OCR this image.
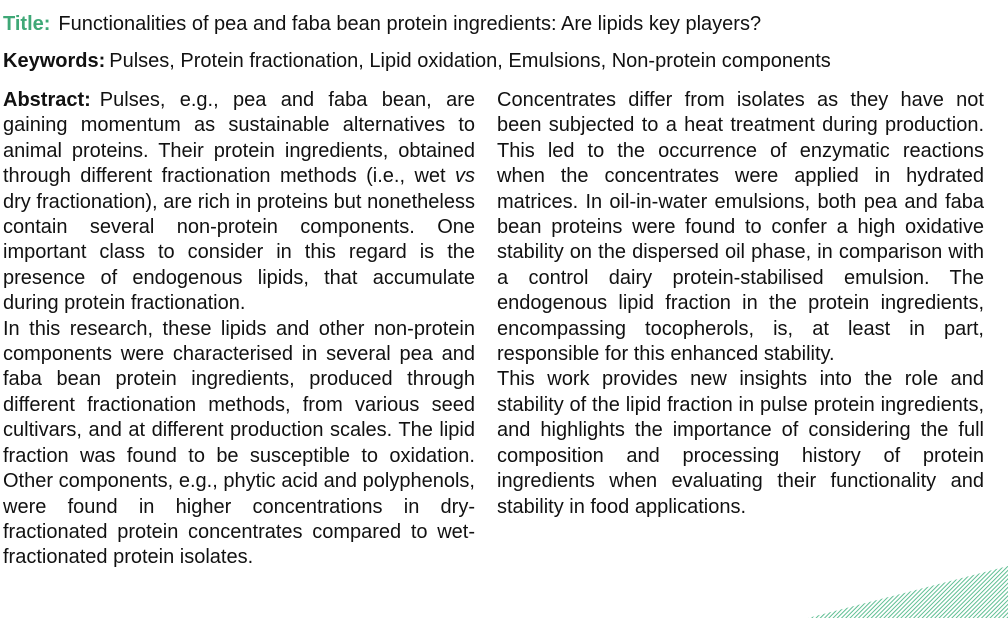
Title: Functionalities of pea and faba bean protein ingredients: Are lipids key players?
Keywords: Pulses, Protein fractionation, Lipid oxidation, Emulsions, Non-protein components

Abstract: Pulses, e.g., pea and faba bean, are gaining momentum as sustainable alternatives to animal proteins. Their protein ingredients, obtained through different fractionation methods (i.e., wet vs dry fractionation), are rich in proteins but nonetheless contain several non-protein components. One important class to consider in this regard is the presence of endogenous lipids, that accumulate during protein fractionation.

In this research, these lipids and other non-protein components were characterised in several pea and faba bean protein ingredients, produced through different fractionation methods, from various seed cultivars, and at different production scales. The lipid fraction was found to be susceptible to oxidation. Other components, e.g., phytic acid and polyphenols, were found in higher concentrations in dry-fractionated protein concentrates compared to wet-fractionated protein isolates.

Concentrates differ from isolates as they have not been subjected to a heat treatment during production. This led to the occurrence of enzymatic reactions when the concentrates were applied in hydrated matrices. In oil-in-water emulsions, both pea and faba bean proteins were found to confer a high oxidative stability on the dispersed oil phase, in comparison with a control dairy protein-stabilised emulsion. The endogenous lipid fraction in the protein ingredients, encompassing tocopherols, is, at least in part, responsible for this enhanced stability.

This work provides new insights into the role and stability of the lipid fraction in pulse protein ingredients, and highlights the importance of considering the full composition and processing history of protein ingredients when evaluating their functionality and stability in food applications.
